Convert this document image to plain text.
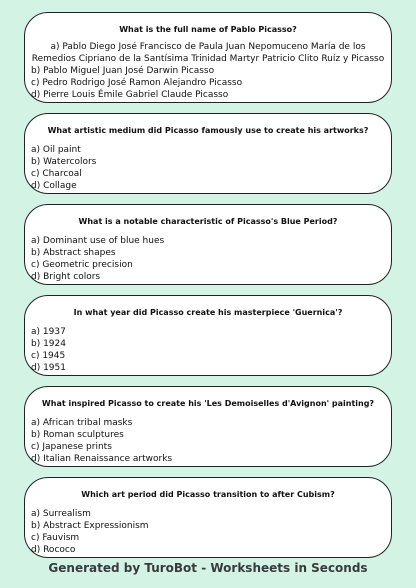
What is the full name of Pablo Picasso?
a) Pablo Diego José Francisco de Paula Juan Nepomuceno María de los Remedios Cipriano de la Santísima Trinidad Martyr Patricio Clito Ruíz y Picasso
b) Pablo Miguel Juan José Darwin Picasso
c) Pedro Rodrigo José Ramon Alejandro Picasso
d) Pierre Louis Émile Gabriel Claude Picasso
What artistic medium did Picasso famously use to create his artworks?
a) Oil paint
b) Watercolors
c) Charcoal
d) Collage
What is a notable characteristic of Picasso's Blue Period?
a) Dominant use of blue hues
b) Abstract shapes
c) Geometric precision
d) Bright colors
In what year did Picasso create his masterpiece 'Guernica'?
a) 1937
b) 1924
c) 1945
d) 1951
What inspired Picasso to create his 'Les Demoiselles d'Avignon' painting?
a) African tribal masks
b) Roman sculptures
c) Japanese prints
d) Italian Renaissance artworks
Which art period did Picasso transition to after Cubism?
a) Surrealism
b) Abstract Expressionism
c) Fauvism
d) Rococo
Generated by TuroBot - Worksheets in Seconds
